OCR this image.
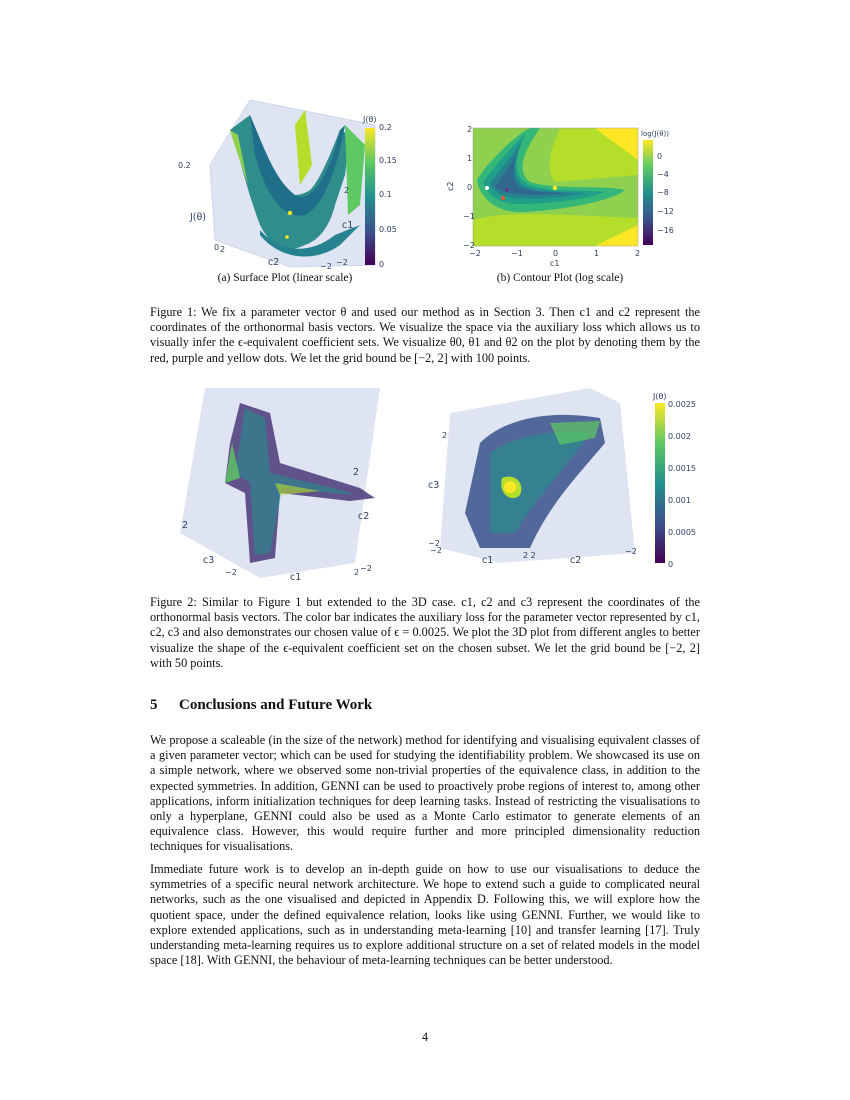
0.2
J(θ)
0 2
c2	−2 −2
c1
2
J(θ)
0.2
0.15
0.1
0.05
0
(a) Surface Plot (linear scale)
c2
2
1
0
−1
−2
−2	−1	0	1	2
c1
log(J(θ))
0
−4
−8
−12
−16
(b) Contour Plot (log scale)
Figure 1: We fix a parameter vector θ and used our method as in Section 3. Then c1 and c2 represent the coordinates of the orthonormal basis vectors. We visualize the space via the auxiliary loss which allows us to visually infer the ϵ-equivalent coefficient sets. We visualize θ0, θ1 and θ2 on the plot by denoting them by the red, purple and yellow dots. We let the grid bound be [−2, 2] with 100 points.
2
2
c2
c3
−2	c1	2 −2
2
c3
−2
−2
c1	2 2	c2
−2
J(θ)
0.0025
0.002
0.0015
0.001
0.0005
0
Figure 2: Similar to Figure 1 but extended to the 3D case. c1, c2 and c3 represent the coordinates of the orthonormal basis vectors. The color bar indicates the auxiliary loss for the parameter vector represented by c1, c2, c3 and also demonstrates our chosen value of ϵ = 0.0025. We plot the 3D plot from different angles to better visualize the shape of the ϵ-equivalent coefficient set on the chosen subset. We let the grid bound be [−2, 2] with 50 points.
5 Conclusions and Future Work
We propose a scaleable (in the size of the network) method for identifying and visualising equivalent classes of a given parameter vector; which can be used for studying the identifiability problem. We showcased its use on a simple network, where we observed some non-trivial properties of the equivalence class, in addition to the expected symmetries. In addition, GENNI can be used to proactively probe regions of interest to, among other applications, inform initialization techniques for deep learning tasks. Instead of restricting the visualisations to only a hyperplane, GENNI could also be used as a Monte Carlo estimator to generate elements of an equivalence class. However, this would require further and more principled dimensionality reduction techniques for visualisations.
Immediate future work is to develop an in-depth guide on how to use our visualisations to deduce the symmetries of a specific neural network architecture. We hope to extend such a guide to complicated neural networks, such as the one visualised and depicted in Appendix D. Following this, we will explore how the quotient space, under the defined equivalence relation, looks like using GENNI. Further, we would like to explore extended applications, such as in understanding meta-learning [10] and transfer learning [17]. Truly understanding meta-learning requires us to explore additional structure on a set of related models in the model space [18]. With GENNI, the behaviour of meta-learning techniques can be better understood.
4
